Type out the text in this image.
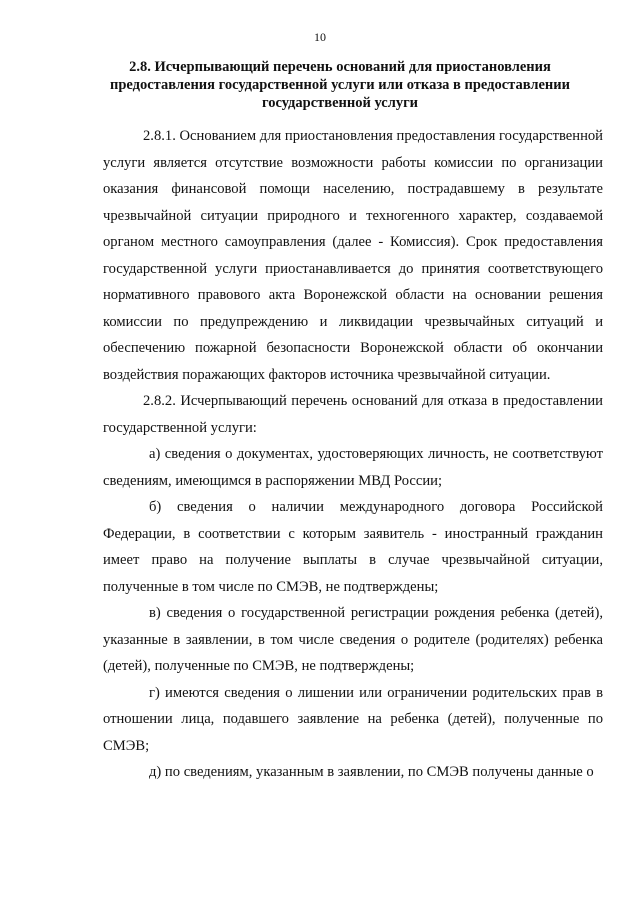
10
2.8. Исчерпывающий перечень оснований для приостановления предоставления государственной услуги или отказа в предоставлении государственной услуги

2.8.1. Основанием для приостановления предоставления государственной услуги является отсутствие возможности работы комиссии по организации оказания финансовой помощи населению, пострадавшему в результате чрезвычайной ситуации природного и техногенного характер, создаваемой органом местного самоуправления (далее - Комиссия). Срок предоставления государственной услуги приостанавливается до принятия соответствующего нормативного правового акта Воронежской области на основании решения комиссии по предупреждению и ликвидации чрезвычайных ситуаций и обеспечению пожарной безопасности Воронежской области об окончании воздействия поражающих факторов источника чрезвычайной ситуации.

2.8.2. Исчерпывающий перечень оснований для отказа в предоставлении государственной услуги:

а) сведения о документах, удостоверяющих личность, не соответствуют сведениям, имеющимся в распоряжении МВД России;

б) сведения о наличии международного договора Российской Федерации, в соответствии с которым заявитель - иностранный гражданин имеет право на получение выплаты в случае чрезвычайной ситуации, полученные в том числе по СМЭВ, не подтверждены;

в) сведения о государственной регистрации рождения ребенка (детей), указанные в заявлении, в том числе сведения о родителе (родителях) ребенка (детей), полученные по СМЭВ, не подтверждены;

г) имеются сведения о лишении или ограничении родительских прав в отношении лица, подавшего заявление на ребенка (детей), полученные по СМЭВ;

д) по сведениям, указанным в заявлении, по СМЭВ получены данные о
